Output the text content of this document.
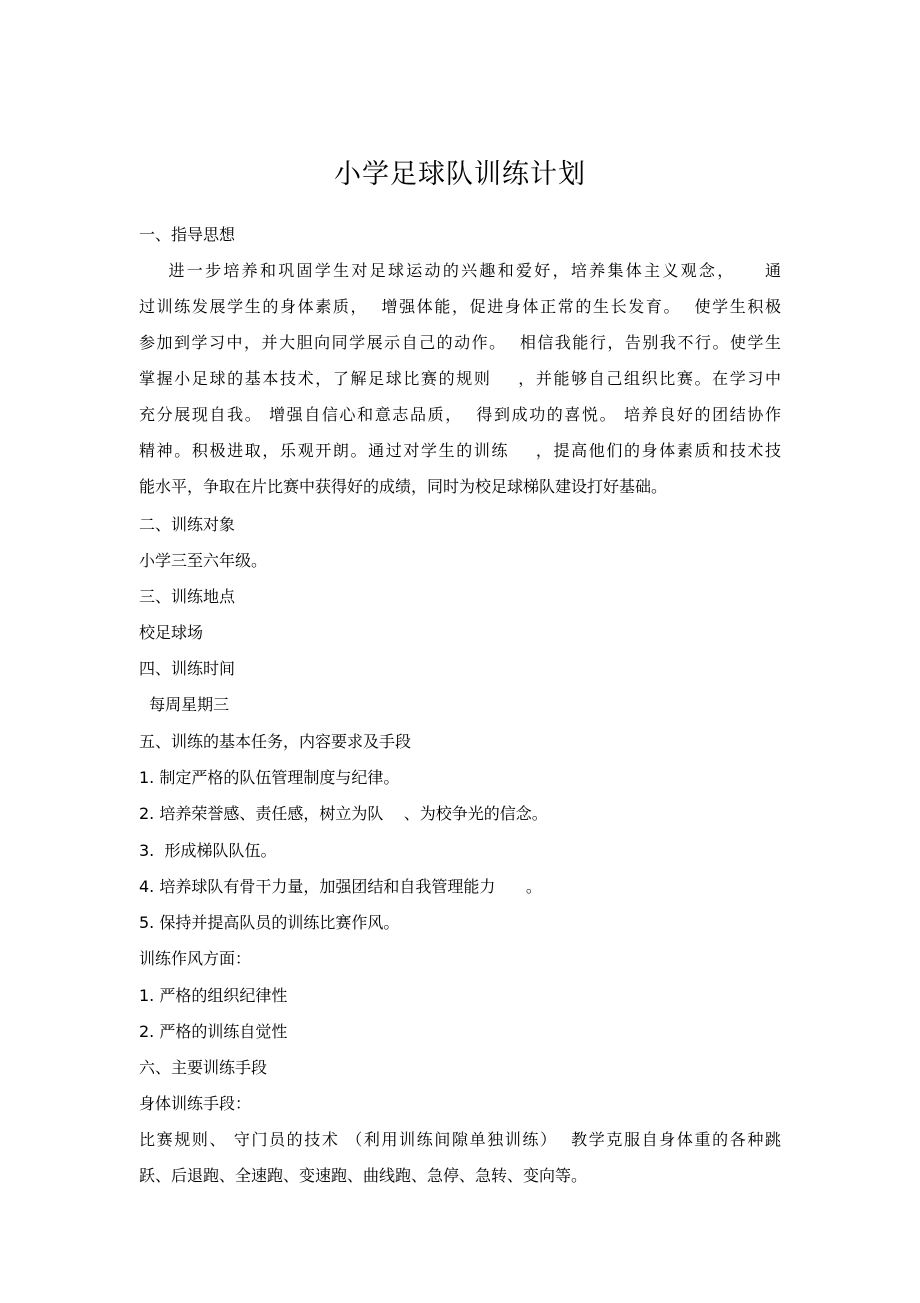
小学足球队训练计划
一、指导思想
进一步培养和巩固学生对足球运动的兴趣和爱好，培养集体主义观念，    通
过训练发展学生的身体素质，  增强体能，促进身体正常的生长发育。  使学生积极
参加到学习中，并大胆向同学展示自己的动作。  相信我能行，告别我不行。使学生
掌握小足球的基本技术，了解足球比赛的规则    ，并能够自己组织比赛。在学习中
充分展现自我。 增强自信心和意志品质，  得到成功的喜悦。 培养良好的团结协作
精神。积极进取，乐观开朗。通过对学生的训练    ，提高他们的身体素质和技术技
能水平，争取在片比赛中获得好的成绩，同时为校足球梯队建设打好基础。
二、训练对象
小学三至六年级。
三、训练地点
校足球场
四、训练时间
每周星期三
五、训练的基本任务，内容要求及手段
1. 制定严格的队伍管理制度与纪律。
2. 培养荣誉感、责任感，树立为队    、为校争光的信念。
3.  形成梯队队伍。
4. 培养球队有骨干力量，加强团结和自我管理能力      。
5. 保持并提高队员的训练比赛作风。
训练作风方面：
1. 严格的组织纪律性
2. 严格的训练自觉性
六、主要训练手段
身体训练手段：
比赛规则、 守门员的技术 （利用训练间隙单独训练）  教学克服自身体重的各种跳
跃、后退跑、全速跑、变速跑、曲线跑、急停、急转、变向等。
